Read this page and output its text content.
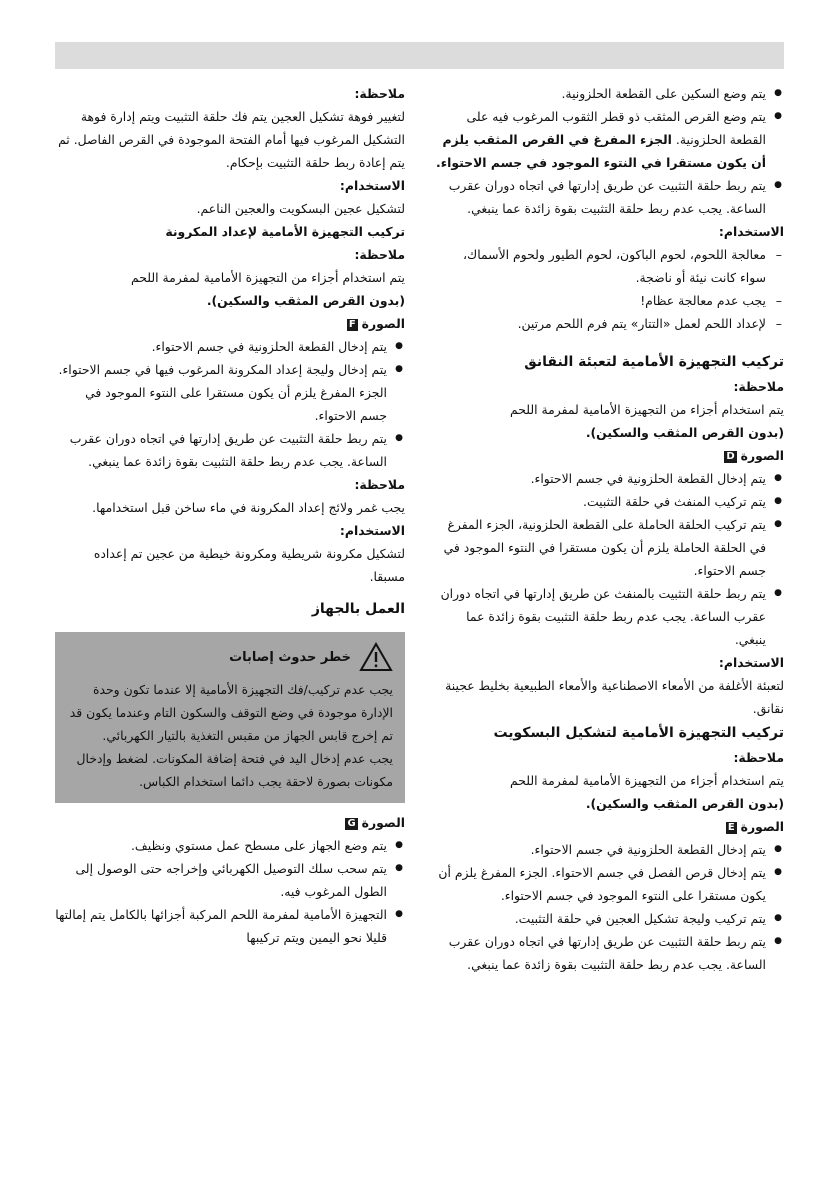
● يتم وضع السكين على القطعة الحلزونية.
● يتم وضع القرص المثقب ذو قطر الثقوب المرغوب فيه على القطعة الحلزونية. الجزء المفرغ في القرص المثقب يلزم أن يكون مستقرا في النتوء الموجود في جسم الاحتواء.
● يتم ربط حلقة التثبيت عن طريق إدارتها في اتجاه دوران عقرب الساعة. يجب عدم ربط حلقة التثبيت بقوة زائدة عما ينبغي.

الاستخدام:

– معالجة اللحوم، لحوم الباكون، لحوم الطيور ولحوم الأسماك، سواء كانت نيئة أو ناضجة.
– يجب عدم معالجة عظام!
– لإعداد اللحم لعمل «التتار» يتم فرم اللحم مرتين.

تركيب التجهيزة الأمامية لتعبئة النقانق

ملاحظة:

يتم استخدام أجزاء من التجهيزة الأمامية لمفرمة اللحم

(بدون القرص المثقب والسكين).

الصورةD

● يتم إدخال القطعة الحلزونية في جسم الاحتواء.
● يتم تركيب المنفث في حلقة التثبيت.
● يتم تركيب الحلقة الحاملة على القطعة الحلزونية، الجزء المفرغ في الحلقة الحاملة يلزم أن يكون مستقرا في النتوء الموجود في جسم الاحتواء.
● يتم ربط حلقة التثبيت بالمنفث عن طريق إدارتها في اتجاه دوران عقرب الساعة. يجب عدم ربط حلقة التثبيت بقوة زائدة عما ينبغي.

الاستخدام:

لتعبئة الأغلفة من الأمعاء الاصطناعية والأمعاء الطبيعية بخليط عجينة نقانق.

تركيب التجهيزة الأمامية لتشكيل البسكويت

ملاحظة:

يتم استخدام أجزاء من التجهيزة الأمامية لمفرمة اللحم

(بدون القرص المثقب والسكين).

الصورةE

● يتم إدخال القطعة الحلزونية في جسم الاحتواء.
● يتم إدخال قرص الفصل في جسم الاحتواء. الجزء المفرغ يلزم أن يكون مستقرا على النتوء الموجود في جسم الاحتواء.
● يتم تركيب وليجة تشكيل العجين في حلقة التثبيت.
● يتم ربط حلقة التثبيت عن طريق إدارتها في اتجاه دوران عقرب الساعة. يجب عدم ربط حلقة التثبيت بقوة زائدة عما ينبغي.

ملاحظة:

لتغيير فوهة تشكيل العجين يتم فك حلقة التثبيت ويتم إدارة فوهة التشكيل المرغوب فيها أمام الفتحة الموجودة في القرص الفاصل. ثم يتم إعادة ربط حلقة التثبيت بإحكام.

الاستخدام:

لتشكيل عجين البسكويت والعجين الناعم.

تركيب التجهيزة الأمامية لإعداد المكرونة

ملاحظة:

يتم استخدام أجزاء من التجهيزة الأمامية لمفرمة اللحم

(بدون القرص المثقب والسكين).

الصورةF

● يتم إدخال القطعة الحلزونية في جسم الاحتواء.
● يتم إدخال وليجة إعداد المكرونة المرغوب فيها في جسم الاحتواء. الجزء المفرغ يلزم أن يكون مستقرا على النتوء الموجود في جسم الاحتواء.
● يتم ربط حلقة التثبيت عن طريق إدارتها في اتجاه دوران عقرب الساعة. يجب عدم ربط حلقة التثبيت بقوة زائدة عما ينبغي.

ملاحظة:

يجب غمر ولائج إعداد المكرونة في ماء ساخن قبل استخدامها.

الاستخدام:

لتشكيل مكرونة شريطية ومكرونة خيطية من عجين تم إعداده مسبقا.

العمل بالجهاز

خطر حدوث إصابات

يجب عدم تركيب/فك التجهيزة الأمامية إلا عندما تكون وحدة الإدارة موجودة في وضع التوقف والسكون التام وعندما يكون قد تم إخرج قابس الجهاز من مقبس التغذية بالتيار الكهربائي.

يجب عدم إدخال اليد في فتحة إضافة المكونات. لضغط وإدخال مكونات بصورة لاحقة يجب دائما استخدام الكباس.

الصورةG

● يتم وضع الجهاز على مسطح عمل مستوي ونظيف.
● يتم سحب سلك التوصيل الكهربائي وإخراجه حتى الوصول إلى الطول المرغوب فيه.
● التجهيزة الأمامية لمفرمة اللحم المركبة أجزائها بالكامل يتم إمالتها قليلا نحو اليمين ويتم تركيبها
